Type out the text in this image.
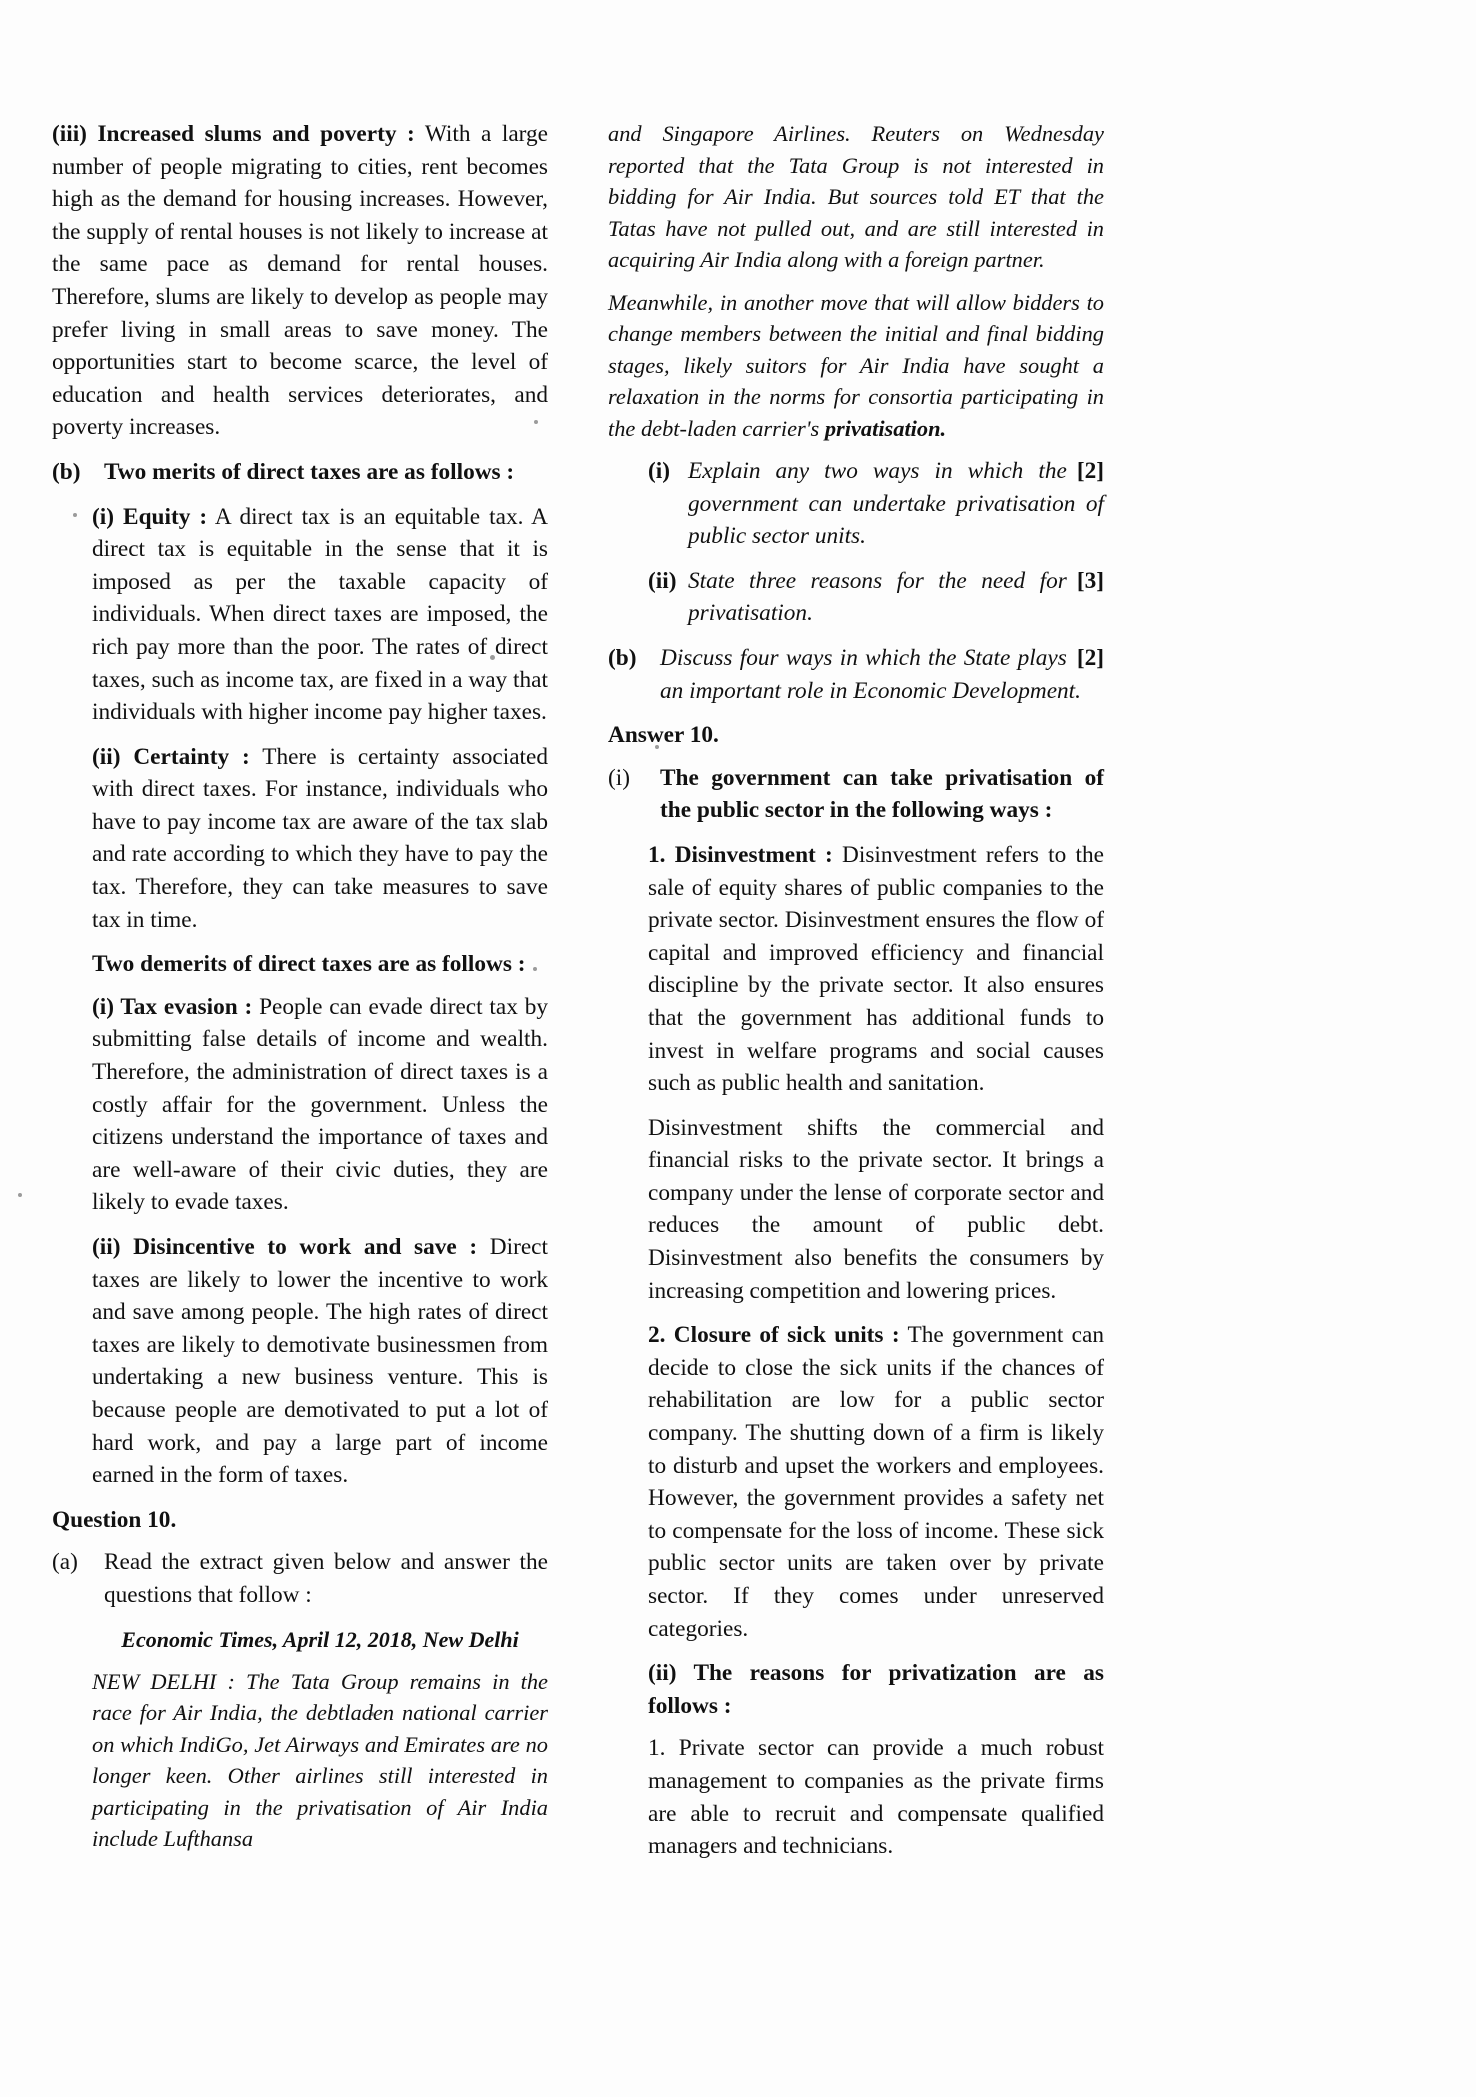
(iii) Increased slums and poverty : With a large number of people migrating to cities, rent becomes high as the demand for housing increases. However, the supply of rental houses is not likely to increase at the same pace as demand for rental houses. Therefore, slums are likely to develop as people may prefer living in small areas to save money. The opportunities start to become scarce, the level of education and health services deteriorates, and poverty increases.

(b)	Two merits of direct taxes are as follows :

(i) Equity : A direct tax is an equitable tax. A direct tax is equitable in the sense that it is imposed as per the taxable capacity of individuals. When direct taxes are imposed, the rich pay more than the poor. The rates of direct taxes, such as income tax, are fixed in a way that individuals with higher income pay higher taxes.

(ii) Certainty : There is certainty associated with direct taxes. For instance, individuals who have to pay income tax are aware of the tax slab and rate according to which they have to pay the tax. Therefore, they can take measures to save tax in time.

Two demerits of direct taxes are as follows :

(i) Tax evasion : People can evade direct tax by submitting false details of income and wealth. Therefore, the administration of direct taxes is a costly affair for the government. Unless the citizens understand the importance of taxes and are well-aware of their civic duties, they are likely to evade taxes.

(ii) Disincentive to work and save : Direct taxes are likely to lower the incentive to work and save among people. The high rates of direct taxes are likely to demotivate businessmen from undertaking a new business venture. This is because people are demotivated to put a lot of hard work, and pay a large part of income earned in the form of taxes.

Question 10.

(a)	Read the extract given below and answer the questions that follow :

Economic Times, April 12, 2018, New Delhi

NEW DELHI : The Tata Group remains in the race for Air India, the debtladen national carrier on which IndiGo, Jet Airways and Emirates are no longer keen. Other airlines still interested in participating in the privatisation of Air India include Lufthansa

and Singapore Airlines. Reuters on Wednesday reported that the Tata Group is not interested in bidding for Air India. But sources told ET that the Tatas have not pulled out, and are still interested in acquiring Air India along with a foreign partner.

Meanwhile, in another move that will allow bidders to change members between the initial and final bidding stages, likely suitors for Air India have sought a relaxation in the norms for consortia participating in the debt-laden carrier's privatisation.

(i)	[2]
Explain any two ways in which the government can undertake privatisation of public sector units.
(ii)	[3]
State three reasons for the need for privatisation.
(b)	[2]
Discuss four ways in which the State plays an important role in Economic Development.

Answer 10.

(i)	The government can take privatisation of the public sector in the following ways :

1. Disinvestment : Disinvestment refers to the sale of equity shares of public companies to the private sector. Disinvestment ensures the flow of capital and improved efficiency and financial discipline by the private sector. It also ensures that the government has additional funds to invest in welfare programs and social causes such as public health and sanitation.

Disinvestment shifts the commercial and financial risks to the private sector. It brings a company under the lense of corporate sector and reduces the amount of public debt. Disinvestment also benefits the consumers by increasing competition and lowering prices.

2. Closure of sick units : The government can decide to close the sick units if the chances of rehabilitation are low for a public sector company. The shutting down of a firm is likely to disturb and upset the workers and employees. However, the government provides a safety net to compensate for the loss of income. These sick public sector units are taken over by private sector. If they comes under unreserved categories.

(ii) The reasons for privatization are as follows :

1. Private sector can provide a much robust management to companies as the private firms are able to recruit and compensate qualified managers and technicians.
